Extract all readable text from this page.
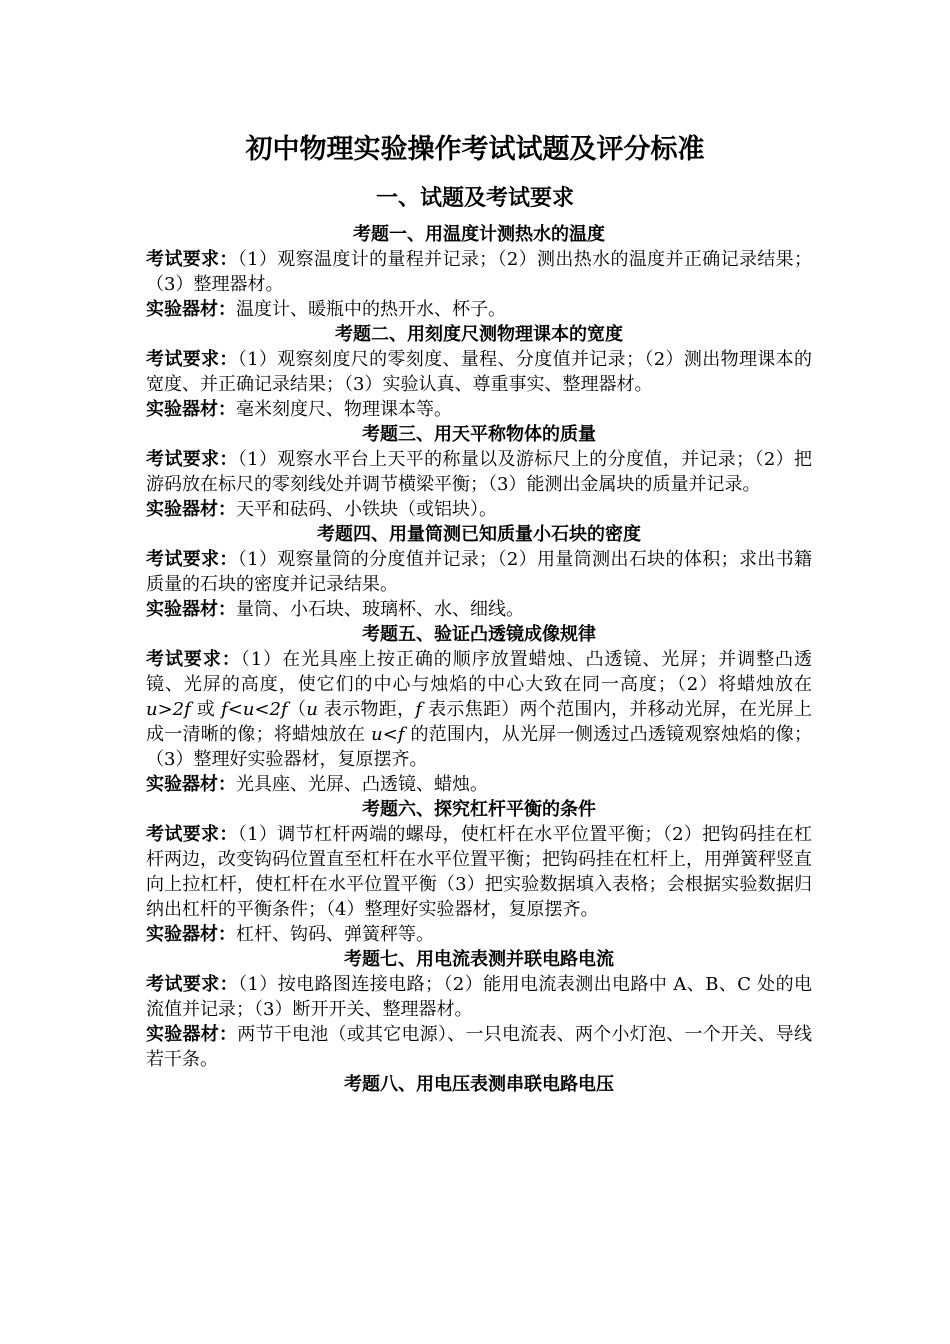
初中物理实验操作考试试题及评分标准
一、试题及考试要求
考题一、用温度计测热水的温度
考试要求：（1）观察温度计的量程并记录；（2）测出热水的温度并正确记录结果；（3）整理器材。
实验器材：温度计、暖瓶中的热开水、杯子。
考题二、用刻度尺测物理课本的宽度
考试要求：（1）观察刻度尺的零刻度、量程、分度值并记录；（2）测出物理课本的宽度、并正确记录结果；（3）实验认真、尊重事实、整理器材。
实验器材：毫米刻度尺、物理课本等。
考题三、用天平称物体的质量
考试要求：（1）观察水平台上天平的称量以及游标尺上的分度值，并记录；（2）把游码放在标尺的零刻线处并调节横梁平衡；（3）能测出金属块的质量并记录。
实验器材：天平和砝码、小铁块（或铝块）。
考题四、用量筒测已知质量小石块的密度
考试要求：（1）观察量筒的分度值并记录；（2）用量筒测出石块的体积；求出书籍质量的石块的密度并记录结果。
实验器材：量筒、小石块、玻璃杯、水、细线。
考题五、验证凸透镜成像规律
考试要求：（1）在光具座上按正确的顺序放置蜡烛、凸透镜、光屏；并调整凸透镜、光屏的高度，使它们的中心与烛焰的中心大致在同一高度；（2）将蜡烛放在 u>2f 或 f<u<2f（u 表示物距，f 表示焦距）两个范围内，并移动光屏，在光屏上成一清晰的像；将蜡烛放在 u<f 的范围内，从光屏一侧透过凸透镜观察烛焰的像；（3）整理好实验器材，复原摆齐。
实验器材：光具座、光屏、凸透镜、蜡烛。
考题六、探究杠杆平衡的条件
考试要求：（1）调节杠杆两端的螺母，使杠杆在水平位置平衡；（2）把钩码挂在杠杆两边，改变钩码位置直至杠杆在水平位置平衡；把钩码挂在杠杆上，用弹簧秤竖直向上拉杠杆，使杠杆在水平位置平衡（3）把实验数据填入表格；会根据实验数据归纳出杠杆的平衡条件；（4）整理好实验器材，复原摆齐。
实验器材：杠杆、钩码、弹簧秤等。
考题七、用电流表测并联电路电流
考试要求：（1）按电路图连接电路；（2）能用电流表测出电路中 A、B、C 处的电流值并记录；（3）断开开关、整理器材。
实验器材：两节干电池（或其它电源）、一只电流表、两个小灯泡、一个开关、导线若干条。
考题八、用电压表测串联电路电压
